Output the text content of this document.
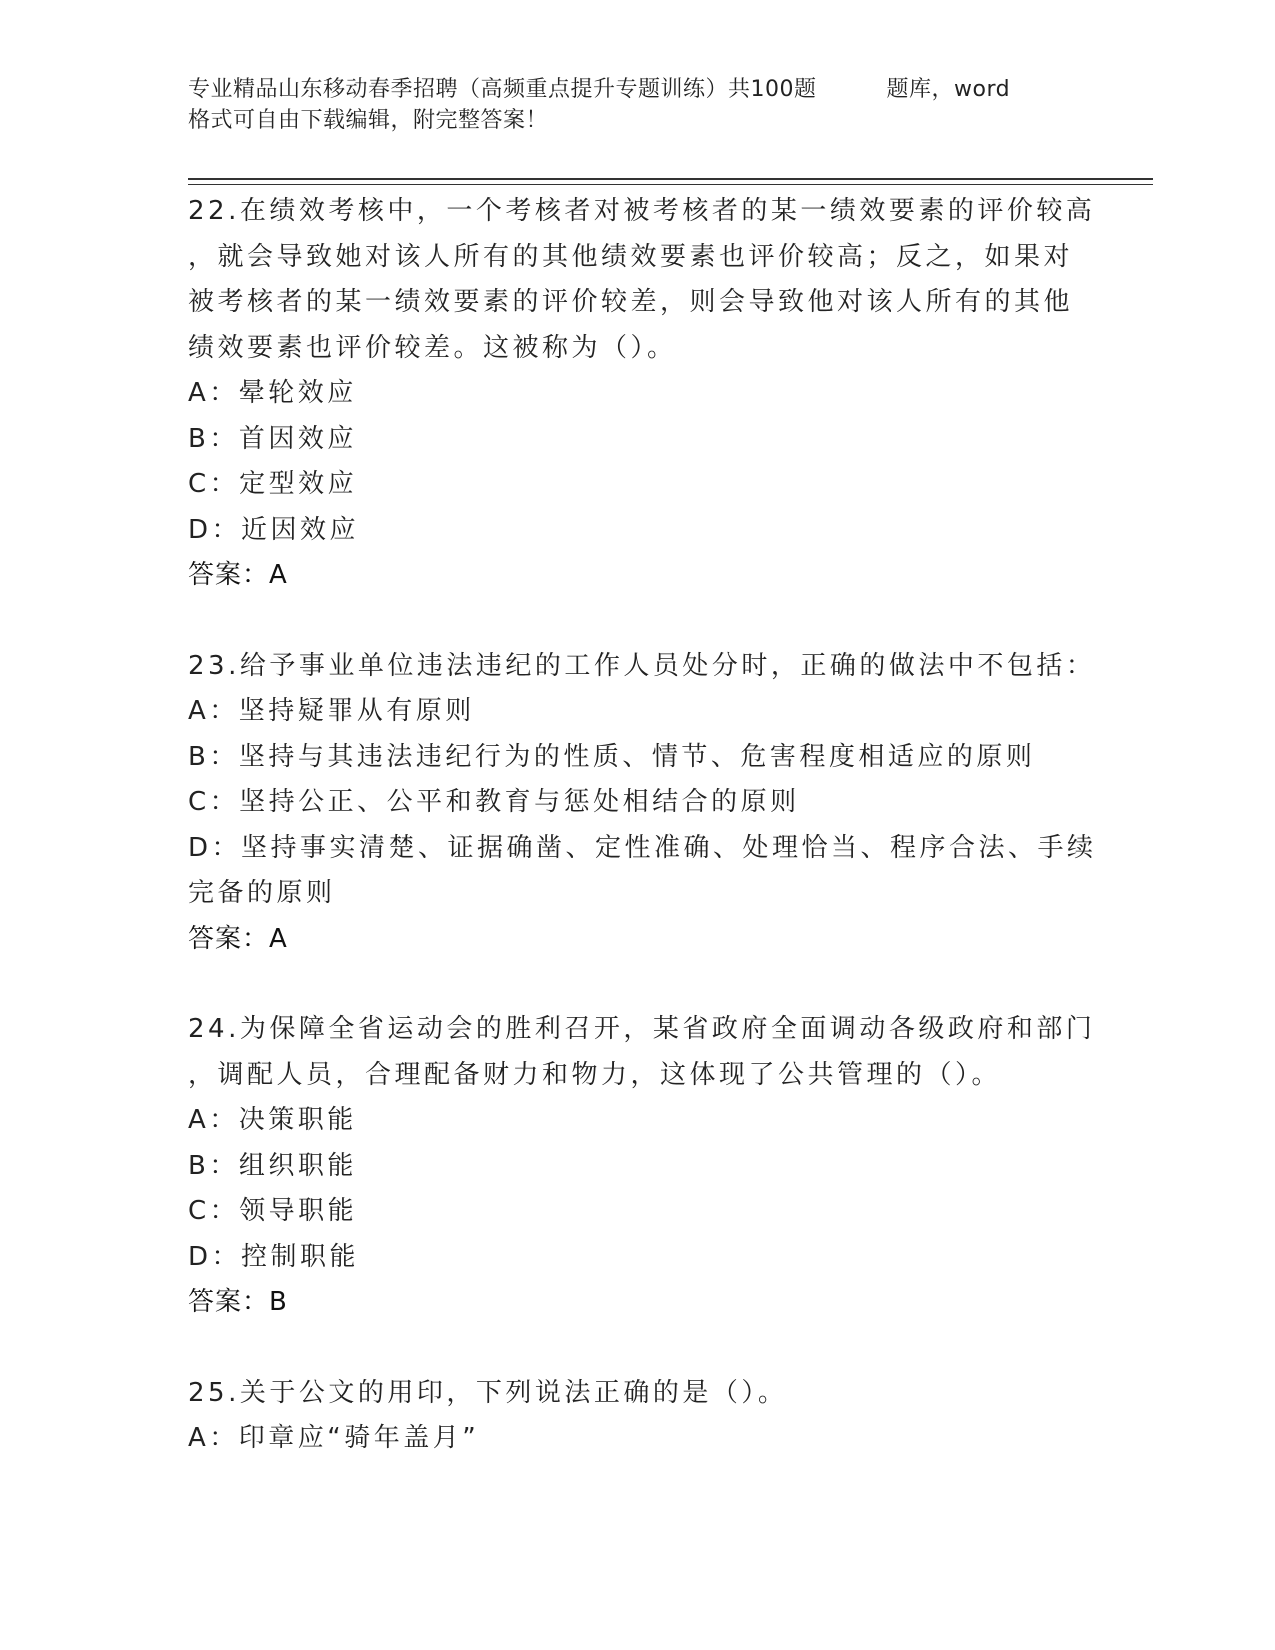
专业精品山东移动春季招聘（高频重点提升专题训练）共100题	题库，word
格式可自由下载编辑，附完整答案！
22.在绩效考核中，一个考核者对被考核者的某一绩效要素的评价较高
，就会导致她对该人所有的其他绩效要素也评价较高；反之，如果对
被考核者的某一绩效要素的评价较差，则会导致他对该人所有的其他
绩效要素也评价较差。这被称为（）。
A：晕轮效应
B：首因效应
C：定型效应
D：近因效应
答案：A
23.给予事业单位违法违纪的工作人员处分时，正确的做法中不包括：
A：坚持疑罪从有原则
B：坚持与其违法违纪行为的性质、情节、危害程度相适应的原则
C：坚持公正、公平和教育与惩处相结合的原则
D：坚持事实清楚、证据确凿、定性准确、处理恰当、程序合法、手续
完备的原则
答案：A
24.为保障全省运动会的胜利召开，某省政府全面调动各级政府和部门
，调配人员，合理配备财力和物力，这体现了公共管理的（）。
A：决策职能
B：组织职能
C：领导职能
D：控制职能
答案：B
25.关于公文的用印，下列说法正确的是（）。
A：印章应“骑年盖月”
